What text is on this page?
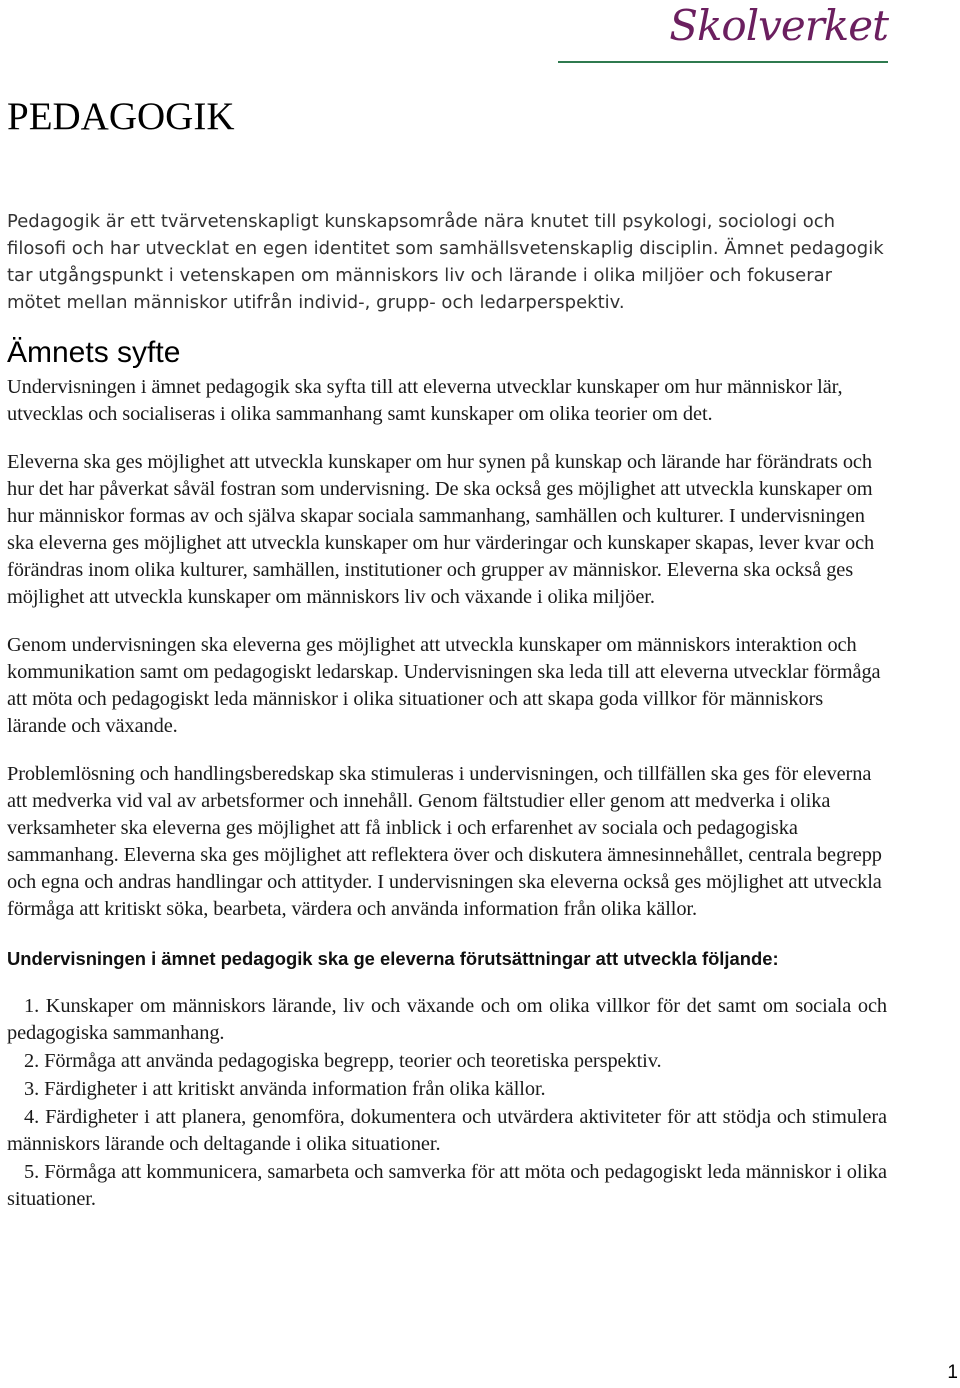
Skolverket
PEDAGOGIK

Pedagogik är ett tvärvetenskapligt kunskapsområde nära knutet till psykologi, sociologi och filosofi och har utvecklat en egen identitet som samhällsvetenskaplig disciplin. Ämnet pedagogik tar utgångspunkt i vetenskapen om människors liv och lärande i olika miljöer och fokuserar mötet mellan människor utifrån individ-, grupp- och ledarperspektiv.

Ämnets syfte

Undervisningen i ämnet pedagogik ska syfta till att eleverna utvecklar kunskaper om hur människor lär, utvecklas och socialiseras i olika sammanhang samt kunskaper om olika teorier om det.

Eleverna ska ges möjlighet att utveckla kunskaper om hur synen på kunskap och lärande har förändrats och hur det har påverkat såväl fostran som undervisning. De ska också ges möjlighet att utveckla kunskaper om hur människor formas av och själva skapar sociala sammanhang, samhällen och kulturer. I undervisningen ska eleverna ges möjlighet att utveckla kunskaper om hur värderingar och kunskaper skapas, lever kvar och förändras inom olika kulturer, samhällen, institutioner och grupper av människor. Eleverna ska också ges möjlighet att utveckla kunskaper om människors liv och växande i olika miljöer.

Genom undervisningen ska eleverna ges möjlighet att utveckla kunskaper om människors interaktion och kommunikation samt om pedagogiskt ledarskap. Undervisningen ska leda till att eleverna utvecklar förmåga att möta och pedagogiskt leda människor i olika situationer och att skapa goda villkor för människors lärande och växande.

Problemlösning och handlingsberedskap ska stimuleras i undervisningen, och tillfällen ska ges för eleverna att medverka vid val av arbetsformer och innehåll. Genom fältstudier eller genom att medverka i olika verksamheter ska eleverna ges möjlighet att få inblick i och erfarenhet av sociala och pedagogiska sammanhang. Eleverna ska ges möjlighet att reflektera över och diskutera ämnesinnehållet, centrala begrepp och egna och andras handlingar och attityder. I undervisningen ska eleverna också ges möjlighet att utveckla förmåga att kritiskt söka, bearbeta, värdera och använda information från olika källor.

Undervisningen i ämnet pedagogik ska ge eleverna förutsättningar att utveckla följande:
1. Kunskaper om människors lärande, liv och växande och om olika villkor för det samt om sociala och pedagogiska sammanhang.
2. Förmåga att använda pedagogiska begrepp, teorier och teoretiska perspektiv.
3. Färdigheter i att kritiskt använda information från olika källor.
4. Färdigheter i att planera, genomföra, dokumentera och utvärdera aktiviteter för att stödja och stimulera människors lärande och deltagande i olika situationer.
5. Förmåga att kommunicera, samarbeta och samverka för att möta och pedagogiskt leda människor i olika situationer.
1
